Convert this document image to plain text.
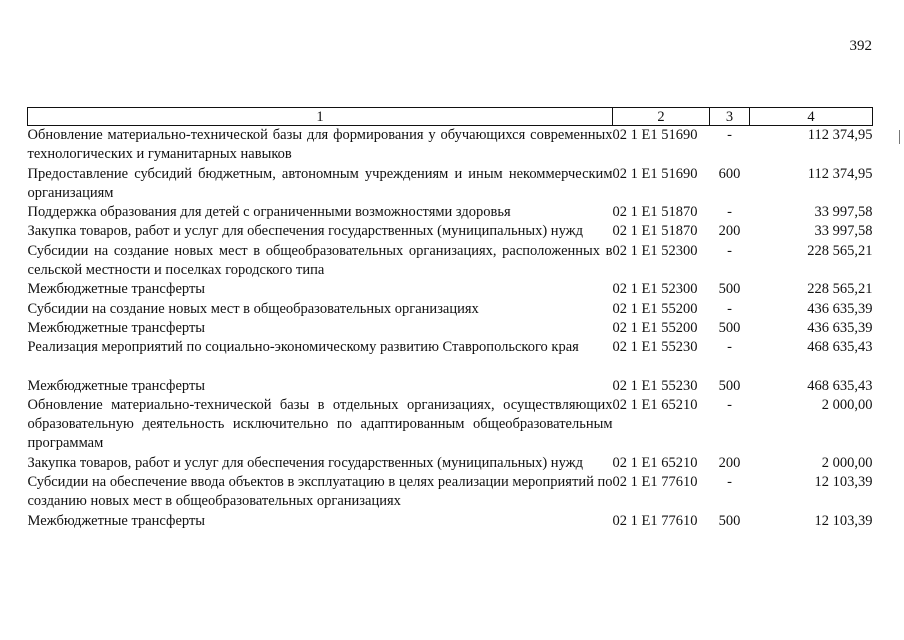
392
1	2	3	4
Обновление материально-технической базы для формирования у обучающихся современных технологических и гуманитарных навыков	02 1 E1 51690	-	112 374,95
Предоставление субсидий бюджетным, автономным учреждениям и иным некоммерческим организациям	02 1 E1 51690	600	112 374,95
Поддержка образования для детей с ограниченными возможностями здоровья	02 1 E1 51870	-	33 997,58
Закупка товаров, работ и услуг для обеспечения государственных (муниципальных) нужд	02 1 E1 51870	200	33 997,58
Субсидии на создание новых мест в общеобразовательных организациях, расположенных в сельской местности и поселках городского типа	02 1 E1 52300	-	228 565,21
Межбюджетные трансферты	02 1 E1 52300	500	228 565,21
Субсидии на создание новых мест в общеобразовательных организациях	02 1 E1 55200	-	436 635,39
Межбюджетные трансферты	02 1 E1 55200	500	436 635,39
Реализация мероприятий по социально-экономическому развитию Ставропольского края	02 1 E1 55230	-	468 635,43
Межбюджетные трансферты	02 1 E1 55230	500	468 635,43
Обновление материально-технической базы в отдельных организациях, осуществляющих образовательную деятельность исключительно по адаптированным общеобразовательным программам	02 1 E1 65210	-	2 000,00
Закупка товаров, работ и услуг для обеспечения государственных (муниципальных) нужд	02 1 E1 65210	200	2 000,00
Субсидии на обеспечение ввода объектов в эксплуатацию в целях реализации мероприятий по созданию новых мест в общеобразовательных организациях	02 1 E1 77610	-	12 103,39
Межбюджетные трансферты	02 1 E1 77610	500	12 103,39
